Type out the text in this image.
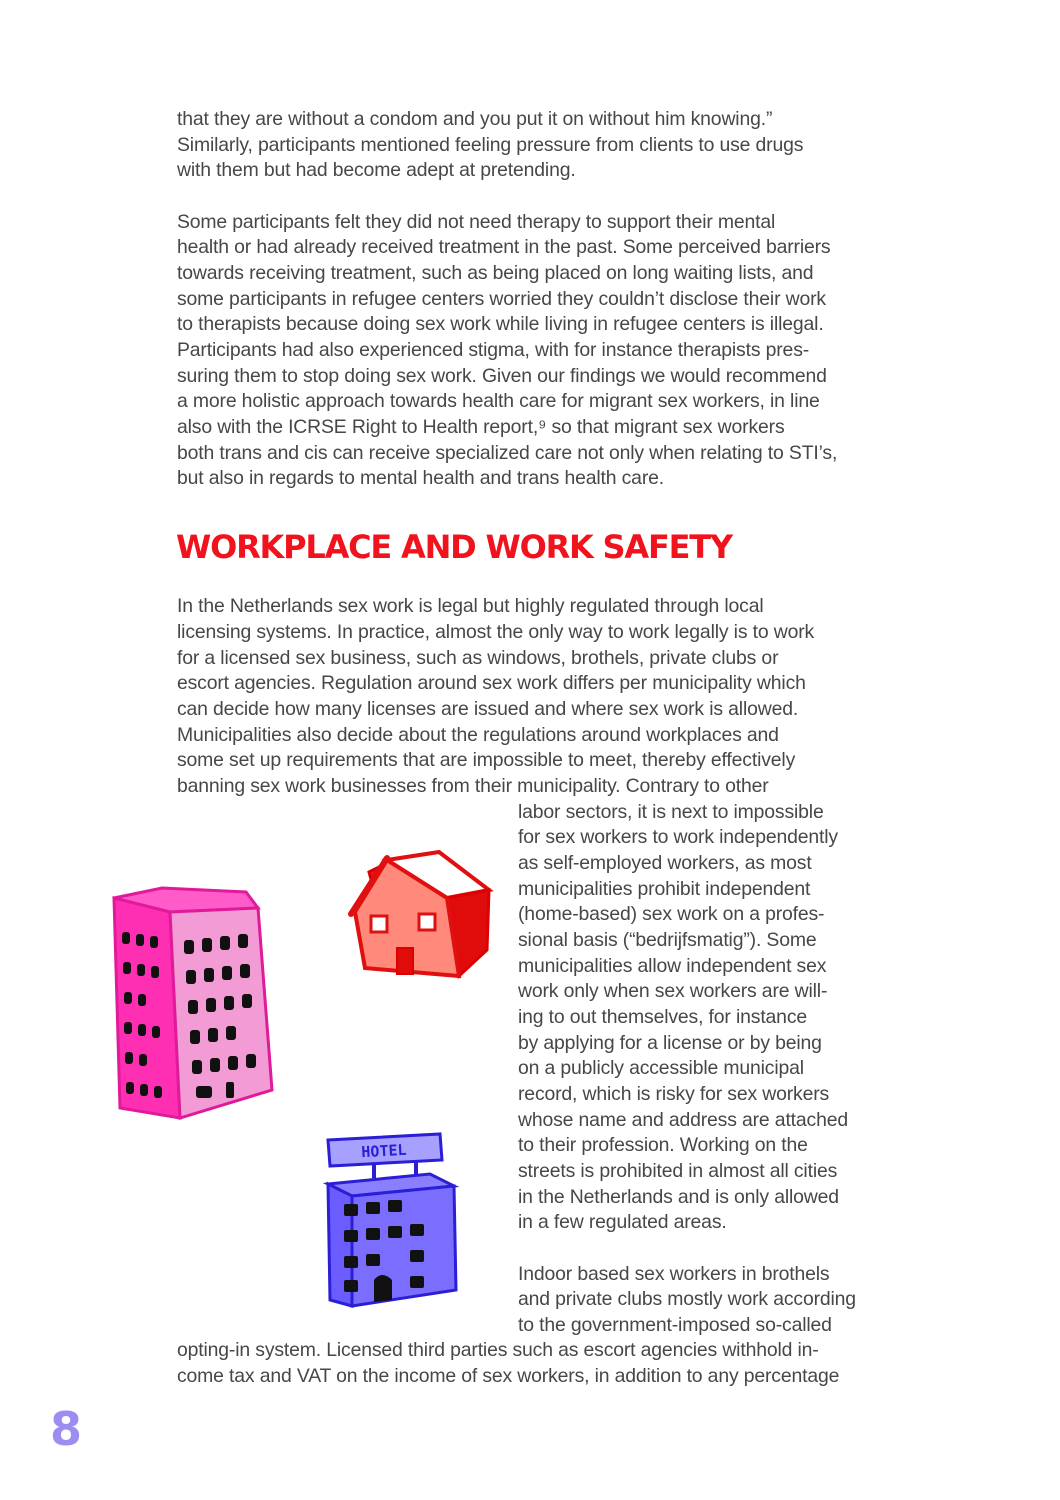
that they are without a condom and you put it on without him knowing.”
Similarly, participants mentioned feeling pressure from clients to use drugs
with them but had become adept at pretending.
Some participants felt they did not need therapy to support their mental
health or had already received treatment in the past. Some perceived barriers
towards receiving treatment, such as being placed on long waiting lists, and
some participants in refugee centers worried they couldn’t disclose their work
to therapists because doing sex work while living in refugee centers is illegal.
Participants had also experienced stigma, with for instance therapists pres-
suring them to stop doing sex work. Given our findings we would recommend
a more holistic approach towards health care for migrant sex workers, in line
also with the ICRSE Right to Health report,⁹ so that migrant sex workers
both trans and cis can receive specialized care not only when relating to STI’s,
but also in regards to mental health and trans health care.
WORKPLACE AND WORK SAFETY
In the Netherlands sex work is legal but highly regulated through local
licensing systems. In practice, almost the only way to work legally is to work
for a licensed sex business, such as windows, brothels, private clubs or
escort agencies. Regulation around sex work differs per municipality which
can decide how many licenses are issued and where sex work is allowed.
Municipalities also decide about the regulations around workplaces and
some set up requirements that are impossible to meet, thereby effectively
banning sex work businesses from their municipality. Contrary to other
labor sectors, it is next to impossible
for sex workers to work independently
as self-employed workers, as most
municipalities prohibit independent
(home-based) sex work on a profes-
sional basis (“bedrijfsmatig”). Some
municipalities allow independent sex
work only when sex workers are will-
ing to out themselves, for instance
by applying for a license or by being
on a publicly accessible municipal
record, which is risky for sex workers
whose name and address are attached
to their profession. Working on the
streets is prohibited in almost all cities
in the Netherlands and is only allowed
in a few regulated areas.
Indoor based sex workers in brothels
and private clubs mostly work according
to the government-imposed so-called
opting-in system. Licensed third parties such as escort agencies withhold in-
come tax and VAT on the income of sex workers, in addition to any percentage
HOTEL
8
